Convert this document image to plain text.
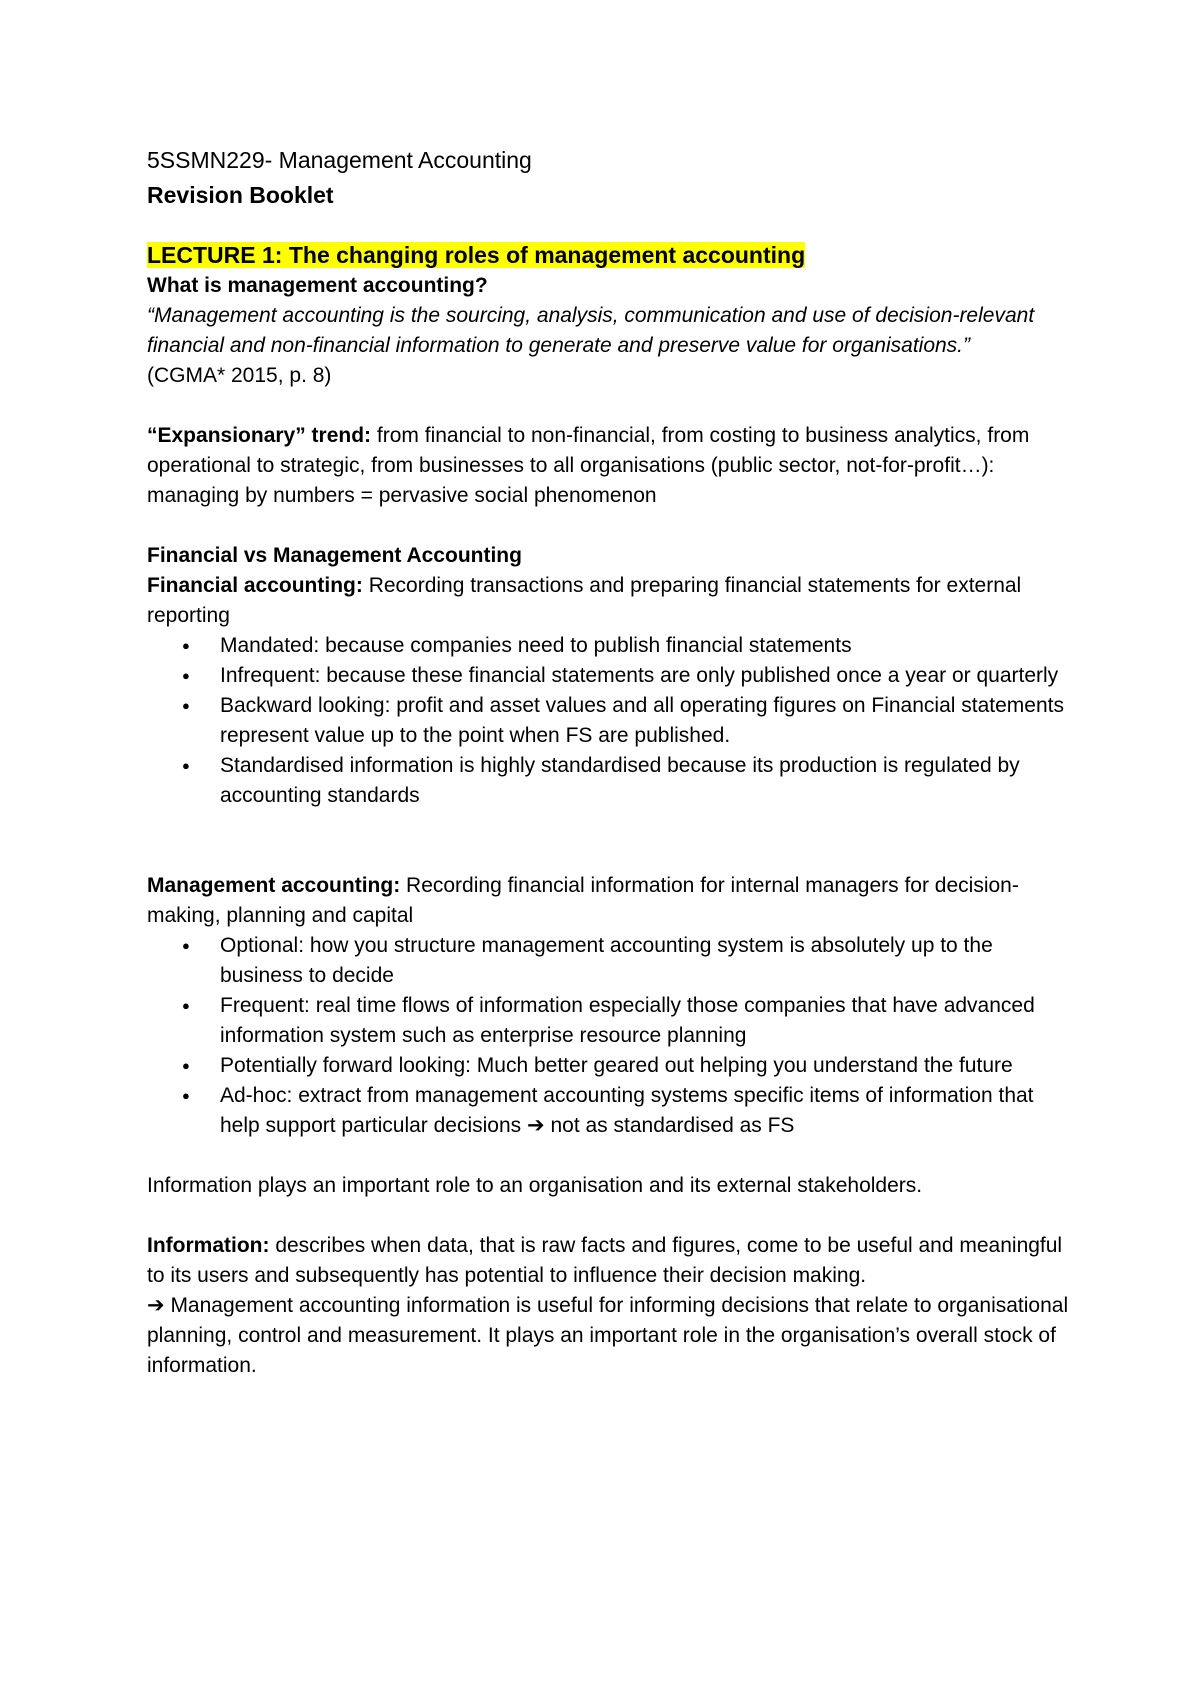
5SSMN229- Management Accounting

Revision Booklet

LECTURE 1: The changing roles of management accounting

What is management accounting?

“Management accounting is the sourcing, analysis, communication and use of decision-relevant financial and non-financial information to generate and preserve value for organisations.”

(CGMA* 2015, p. 8)

“Expansionary” trend: from financial to non-financial, from costing to business analytics, from operational to strategic, from businesses to all organisations (public sector, not-for-profit…): managing by numbers = pervasive social phenomenon

Financial vs Management Accounting

Financial accounting: Recording transactions and preparing financial statements for external reporting

● Mandated: because companies need to publish financial statements
● Infrequent: because these financial statements are only published once a year or quarterly
● Backward looking: profit and asset values and all operating figures on Financial statements represent value up to the point when FS are published.
● Standardised information is highly standardised because its production is regulated by accounting standards

Management accounting: Recording financial information for internal managers for decision-making, planning and capital

● Optional: how you structure management accounting system is absolutely up to the business to decide
● Frequent: real time flows of information especially those companies that have advanced information system such as enterprise resource planning
● Potentially forward looking: Much better geared out helping you understand the future
● Ad-hoc: extract from management accounting systems specific items of information that help support particular decisions ➔ not as standardised as FS

Information plays an important role to an organisation and its external stakeholders.

Information: describes when data, that is raw facts and figures, come to be useful and meaningful to its users and subsequently has potential to influence their decision making.

➔ Management accounting information is useful for informing decisions that relate to organisational planning, control and measurement. It plays an important role in the organisation’s overall stock of information.
